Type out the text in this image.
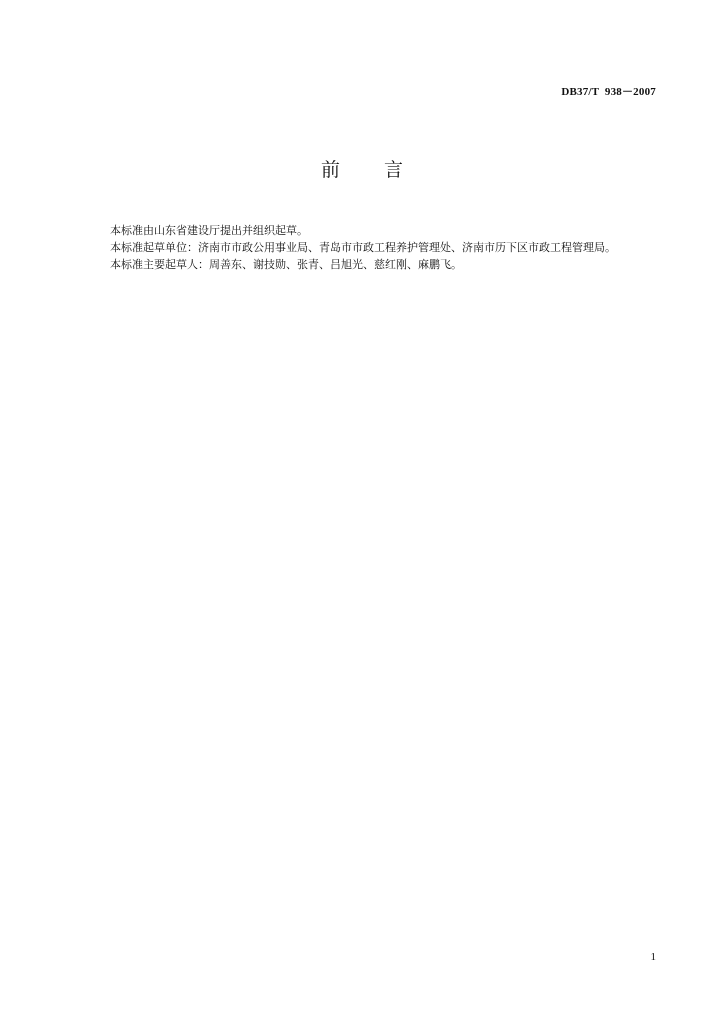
DB37/T  938－2007
前 言

本标准由山东省建设厅提出并组织起草。

本标准起草单位：济南市市政公用事业局、青岛市市政工程养护管理处、济南市历下区市政工程管理局。

本标准主要起草人：周善东、谢技勋、张青、吕旭光、慈红刚、麻鹏飞。

1
